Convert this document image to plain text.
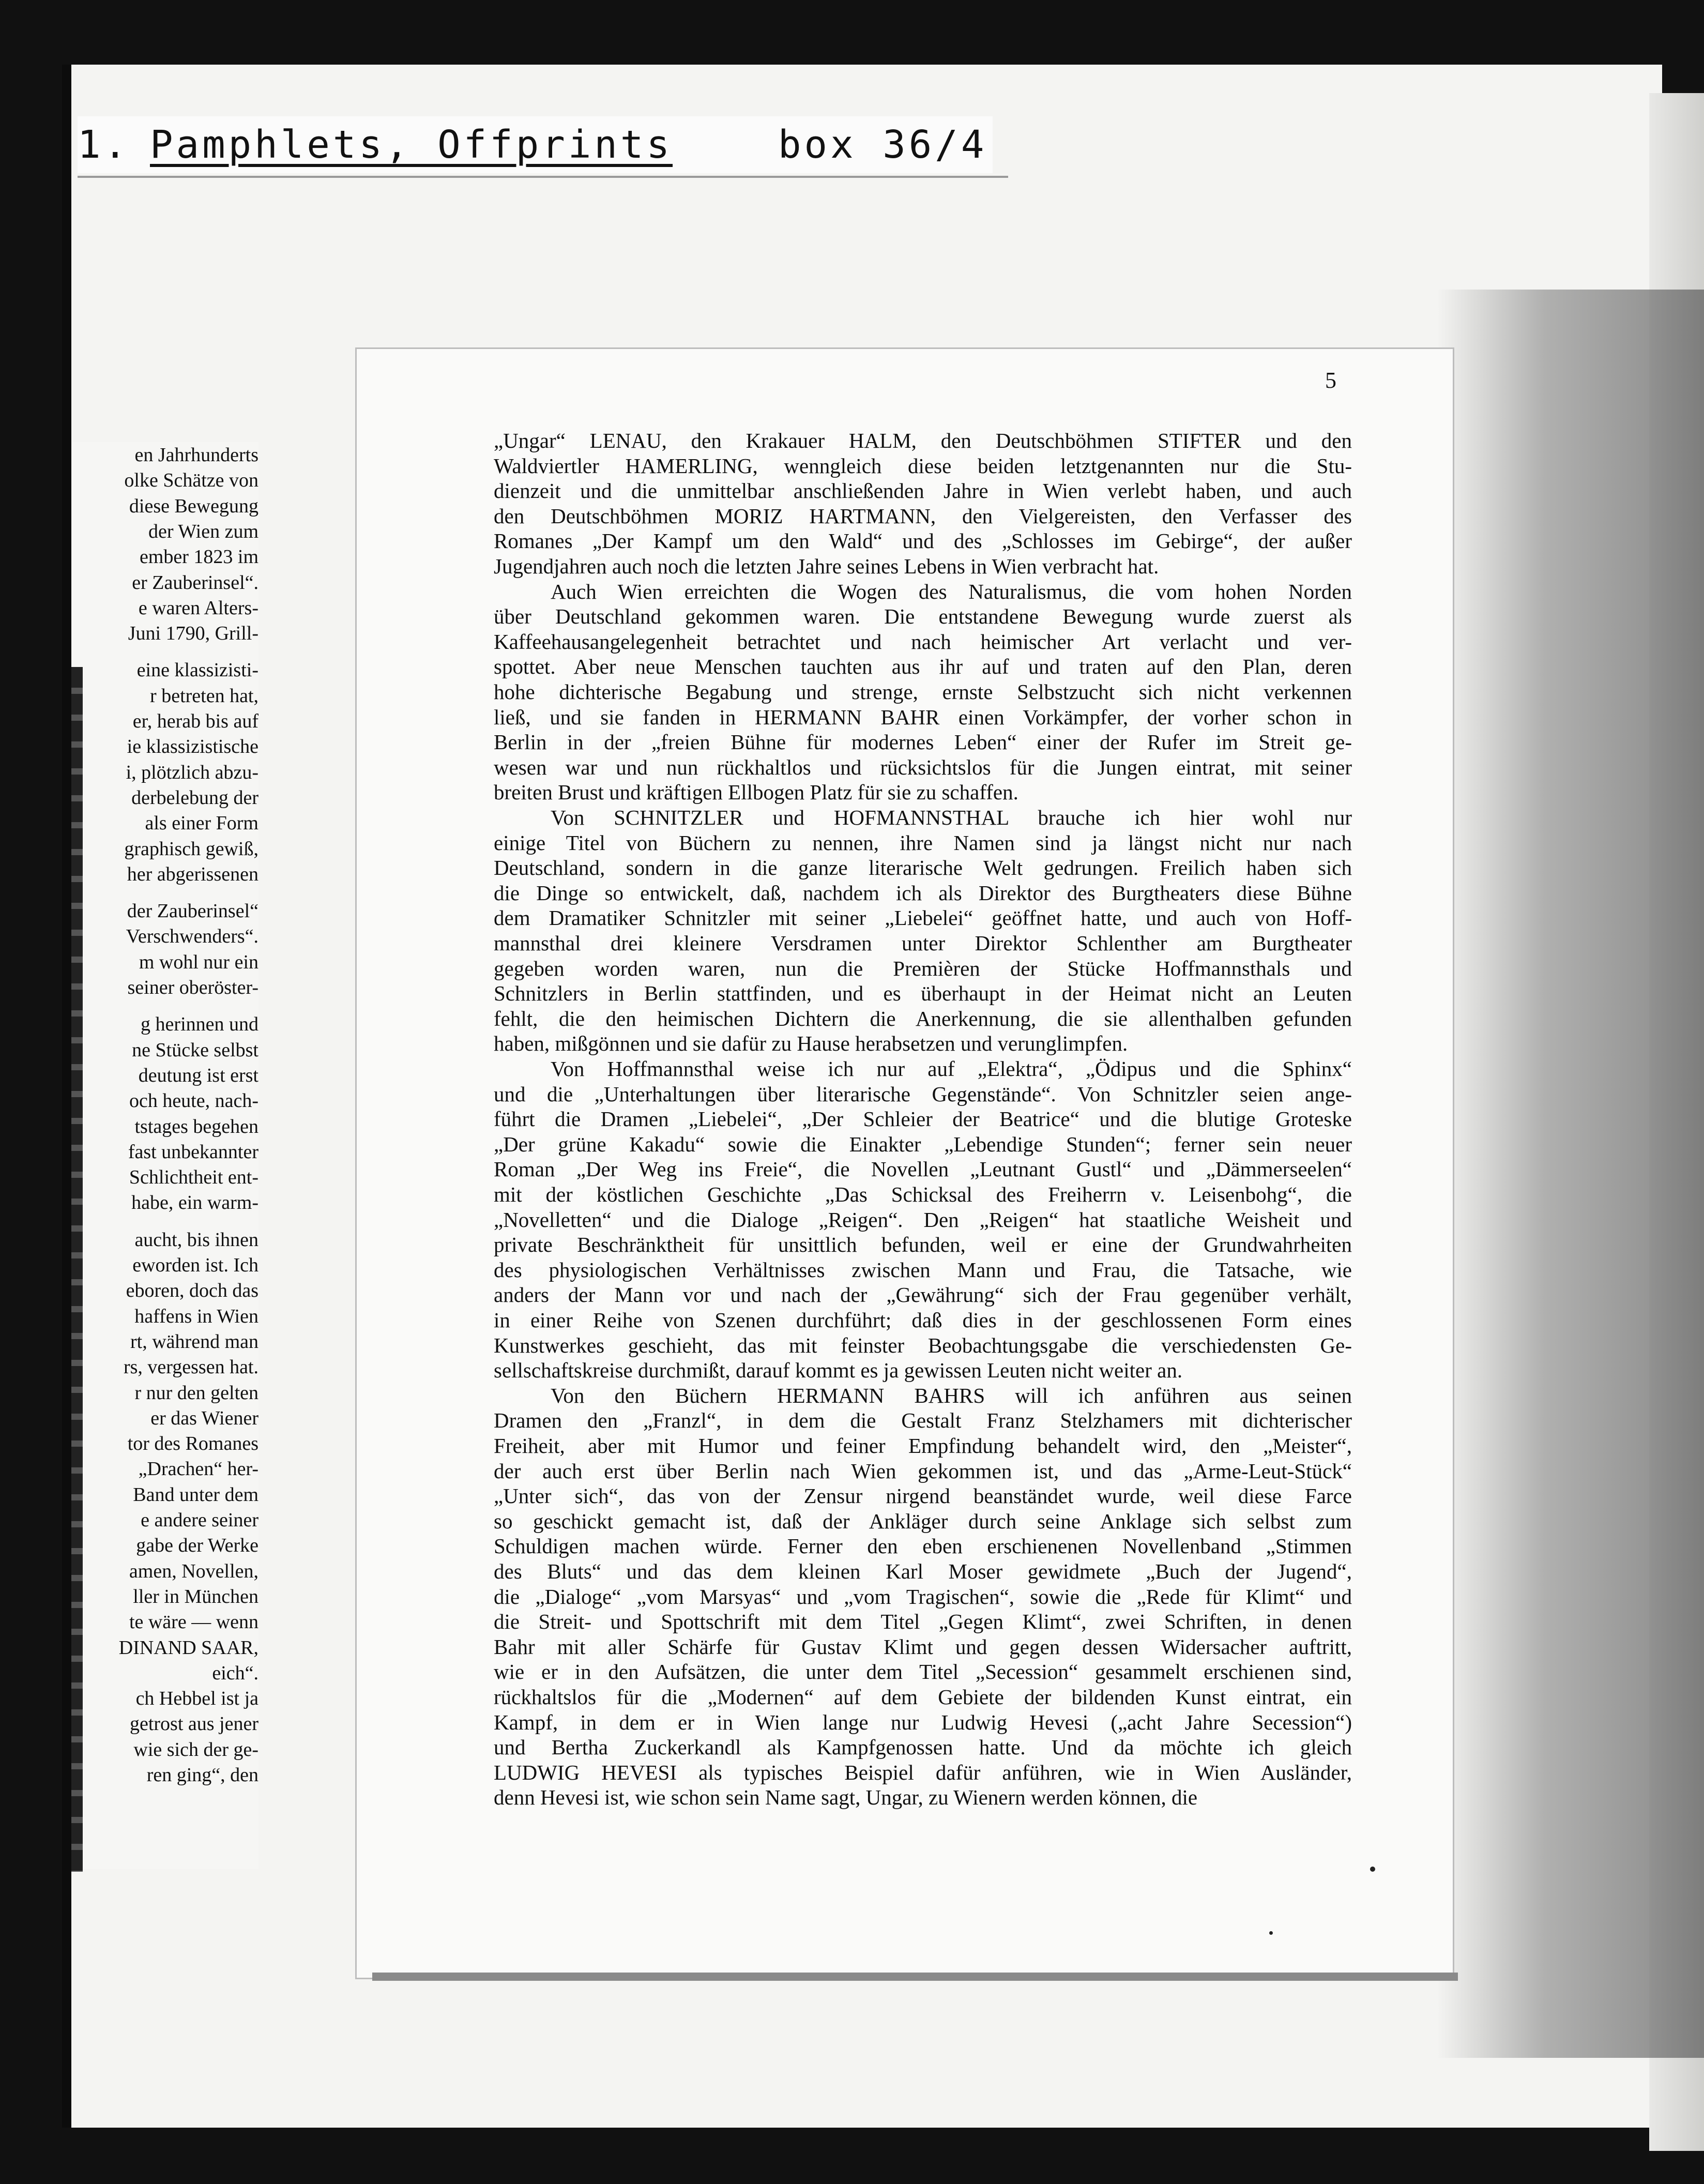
1. Pamphlets, Offprints	box 36/4
en Jahrhunderts
olke Schätze von
diese Bewegung
der Wien zum
ember 1823 im
er Zauberinsel“.
e waren Alters-
Juni 1790, Grill-
eine klassizisti-
r betreten hat,
er, herab bis auf
ie klassizistische
i, plötzlich abzu-
derbelebung der
als einer Form
graphisch gewiß,
her abgerissenen
der Zauberinsel“
Verschwenders“.
m wohl nur ein
seiner oberöster-
g herinnen und
ne Stücke selbst
deutung ist erst
och heute, nach-
tstages begehen
fast unbekannter
Schlichtheit ent-
habe, ein warm-
aucht, bis ihnen
eworden ist. Ich
eboren, doch das
haffens in Wien
rt, während man
rs, vergessen hat.
r nur den gelten
er das Wiener
tor des Romanes
„Drachen“ her-
Band unter dem
e andere seiner
gabe der Werke
amen, Novellen,
ller in München
te wäre — wenn
DINAND SAAR,
eich“.
ch Hebbel ist ja
getrost aus jener
wie sich der ge-
ren ging“, den
5
„Ungar“ LENAU, den Krakauer HALM, den Deutschböhmen STIFTER und den
Waldviertler HAMERLING, wenngleich diese beiden letztgenannten nur die Stu-
dienzeit und die unmittelbar anschließenden Jahre in Wien verlebt haben, und auch
den Deutschböhmen MORIZ HARTMANN, den Vielgereisten, den Verfasser des
Romanes „Der Kampf um den Wald“ und des „Schlosses im Gebirge“, der außer
Jugendjahren auch noch die letzten Jahre seines Lebens in Wien verbracht hat.
Auch Wien erreichten die Wogen des Naturalismus, die vom hohen Norden
über Deutschland gekommen waren. Die entstandene Bewegung wurde zuerst als
Kaffeehausangelegenheit betrachtet und nach heimischer Art verlacht und ver-
spottet. Aber neue Menschen tauchten aus ihr auf und traten auf den Plan, deren
hohe dichterische Begabung und strenge, ernste Selbstzucht sich nicht verkennen
ließ, und sie fanden in HERMANN BAHR einen Vorkämpfer, der vorher schon in
Berlin in der „freien Bühne für modernes Leben“ einer der Rufer im Streit ge-
wesen war und nun rückhaltlos und rücksichtslos für die Jungen eintrat, mit seiner
breiten Brust und kräftigen Ellbogen Platz für sie zu schaffen.
Von SCHNITZLER und HOFMANNSTHAL brauche ich hier wohl nur
einige Titel von Büchern zu nennen, ihre Namen sind ja längst nicht nur nach
Deutschland, sondern in die ganze literarische Welt gedrungen. Freilich haben sich
die Dinge so entwickelt, daß, nachdem ich als Direktor des Burgtheaters diese Bühne
dem Dramatiker Schnitzler mit seiner „Liebelei“ geöffnet hatte, und auch von Hoff-
mannsthal drei kleinere Versdramen unter Direktor Schlenther am Burgtheater
gegeben worden waren, nun die Premièren der Stücke Hoffmannsthals und
Schnitzlers in Berlin stattfinden, und es überhaupt in der Heimat nicht an Leuten
fehlt, die den heimischen Dichtern die Anerkennung, die sie allenthalben gefunden
haben, mißgönnen und sie dafür zu Hause herabsetzen und verunglimpfen.
Von Hoffmannsthal weise ich nur auf „Elektra“, „Ödipus und die Sphinx“
und die „Unterhaltungen über literarische Gegenstände“. Von Schnitzler seien ange-
führt die Dramen „Liebelei“, „Der Schleier der Beatrice“ und die blutige Groteske
„Der grüne Kakadu“ sowie die Einakter „Lebendige Stunden“; ferner sein neuer
Roman „Der Weg ins Freie“, die Novellen „Leutnant Gustl“ und „Dämmerseelen“
mit der köstlichen Geschichte „Das Schicksal des Freiherrn v. Leisenbohg“, die
„Novelletten“ und die Dialoge „Reigen“. Den „Reigen“ hat staatliche Weisheit und
private Beschränktheit für unsittlich befunden, weil er eine der Grundwahrheiten
des physiologischen Verhältnisses zwischen Mann und Frau, die Tatsache, wie
anders der Mann vor und nach der „Gewährung“ sich der Frau gegenüber verhält,
in einer Reihe von Szenen durchführt; daß dies in der geschlossenen Form eines
Kunstwerkes geschieht, das mit feinster Beobachtungsgabe die verschiedensten Ge-
sellschaftskreise durchmißt, darauf kommt es ja gewissen Leuten nicht weiter an.
Von den Büchern HERMANN BAHRS will ich anführen aus seinen
Dramen den „Franzl“, in dem die Gestalt Franz Stelzhamers mit dichterischer
Freiheit, aber mit Humor und feiner Empfindung behandelt wird, den „Meister“,
der auch erst über Berlin nach Wien gekommen ist, und das „Arme-Leut-Stück“
„Unter sich“, das von der Zensur nirgend beanständet wurde, weil diese Farce
so geschickt gemacht ist, daß der Ankläger durch seine Anklage sich selbst zum
Schuldigen machen würde. Ferner den eben erschienenen Novellenband „Stimmen
des Bluts“ und das dem kleinen Karl Moser gewidmete „Buch der Jugend“,
die „Dialoge“ „vom Marsyas“ und „vom Tragischen“, sowie die „Rede für Klimt“ und
die Streit- und Spottschrift mit dem Titel „Gegen Klimt“, zwei Schriften, in denen
Bahr mit aller Schärfe für Gustav Klimt und gegen dessen Widersacher auftritt,
wie er in den Aufsätzen, die unter dem Titel „Secession“ gesammelt erschienen sind,
rückhaltslos für die „Modernen“ auf dem Gebiete der bildenden Kunst eintrat, ein
Kampf, in dem er in Wien lange nur Ludwig Hevesi („acht Jahre Secession“)
und Bertha Zuckerkandl als Kampfgenossen hatte. Und da möchte ich gleich
LUDWIG HEVESI als typisches Beispiel dafür anführen, wie in Wien Ausländer,
denn Hevesi ist, wie schon sein Name sagt, Ungar, zu Wienern werden können, die
